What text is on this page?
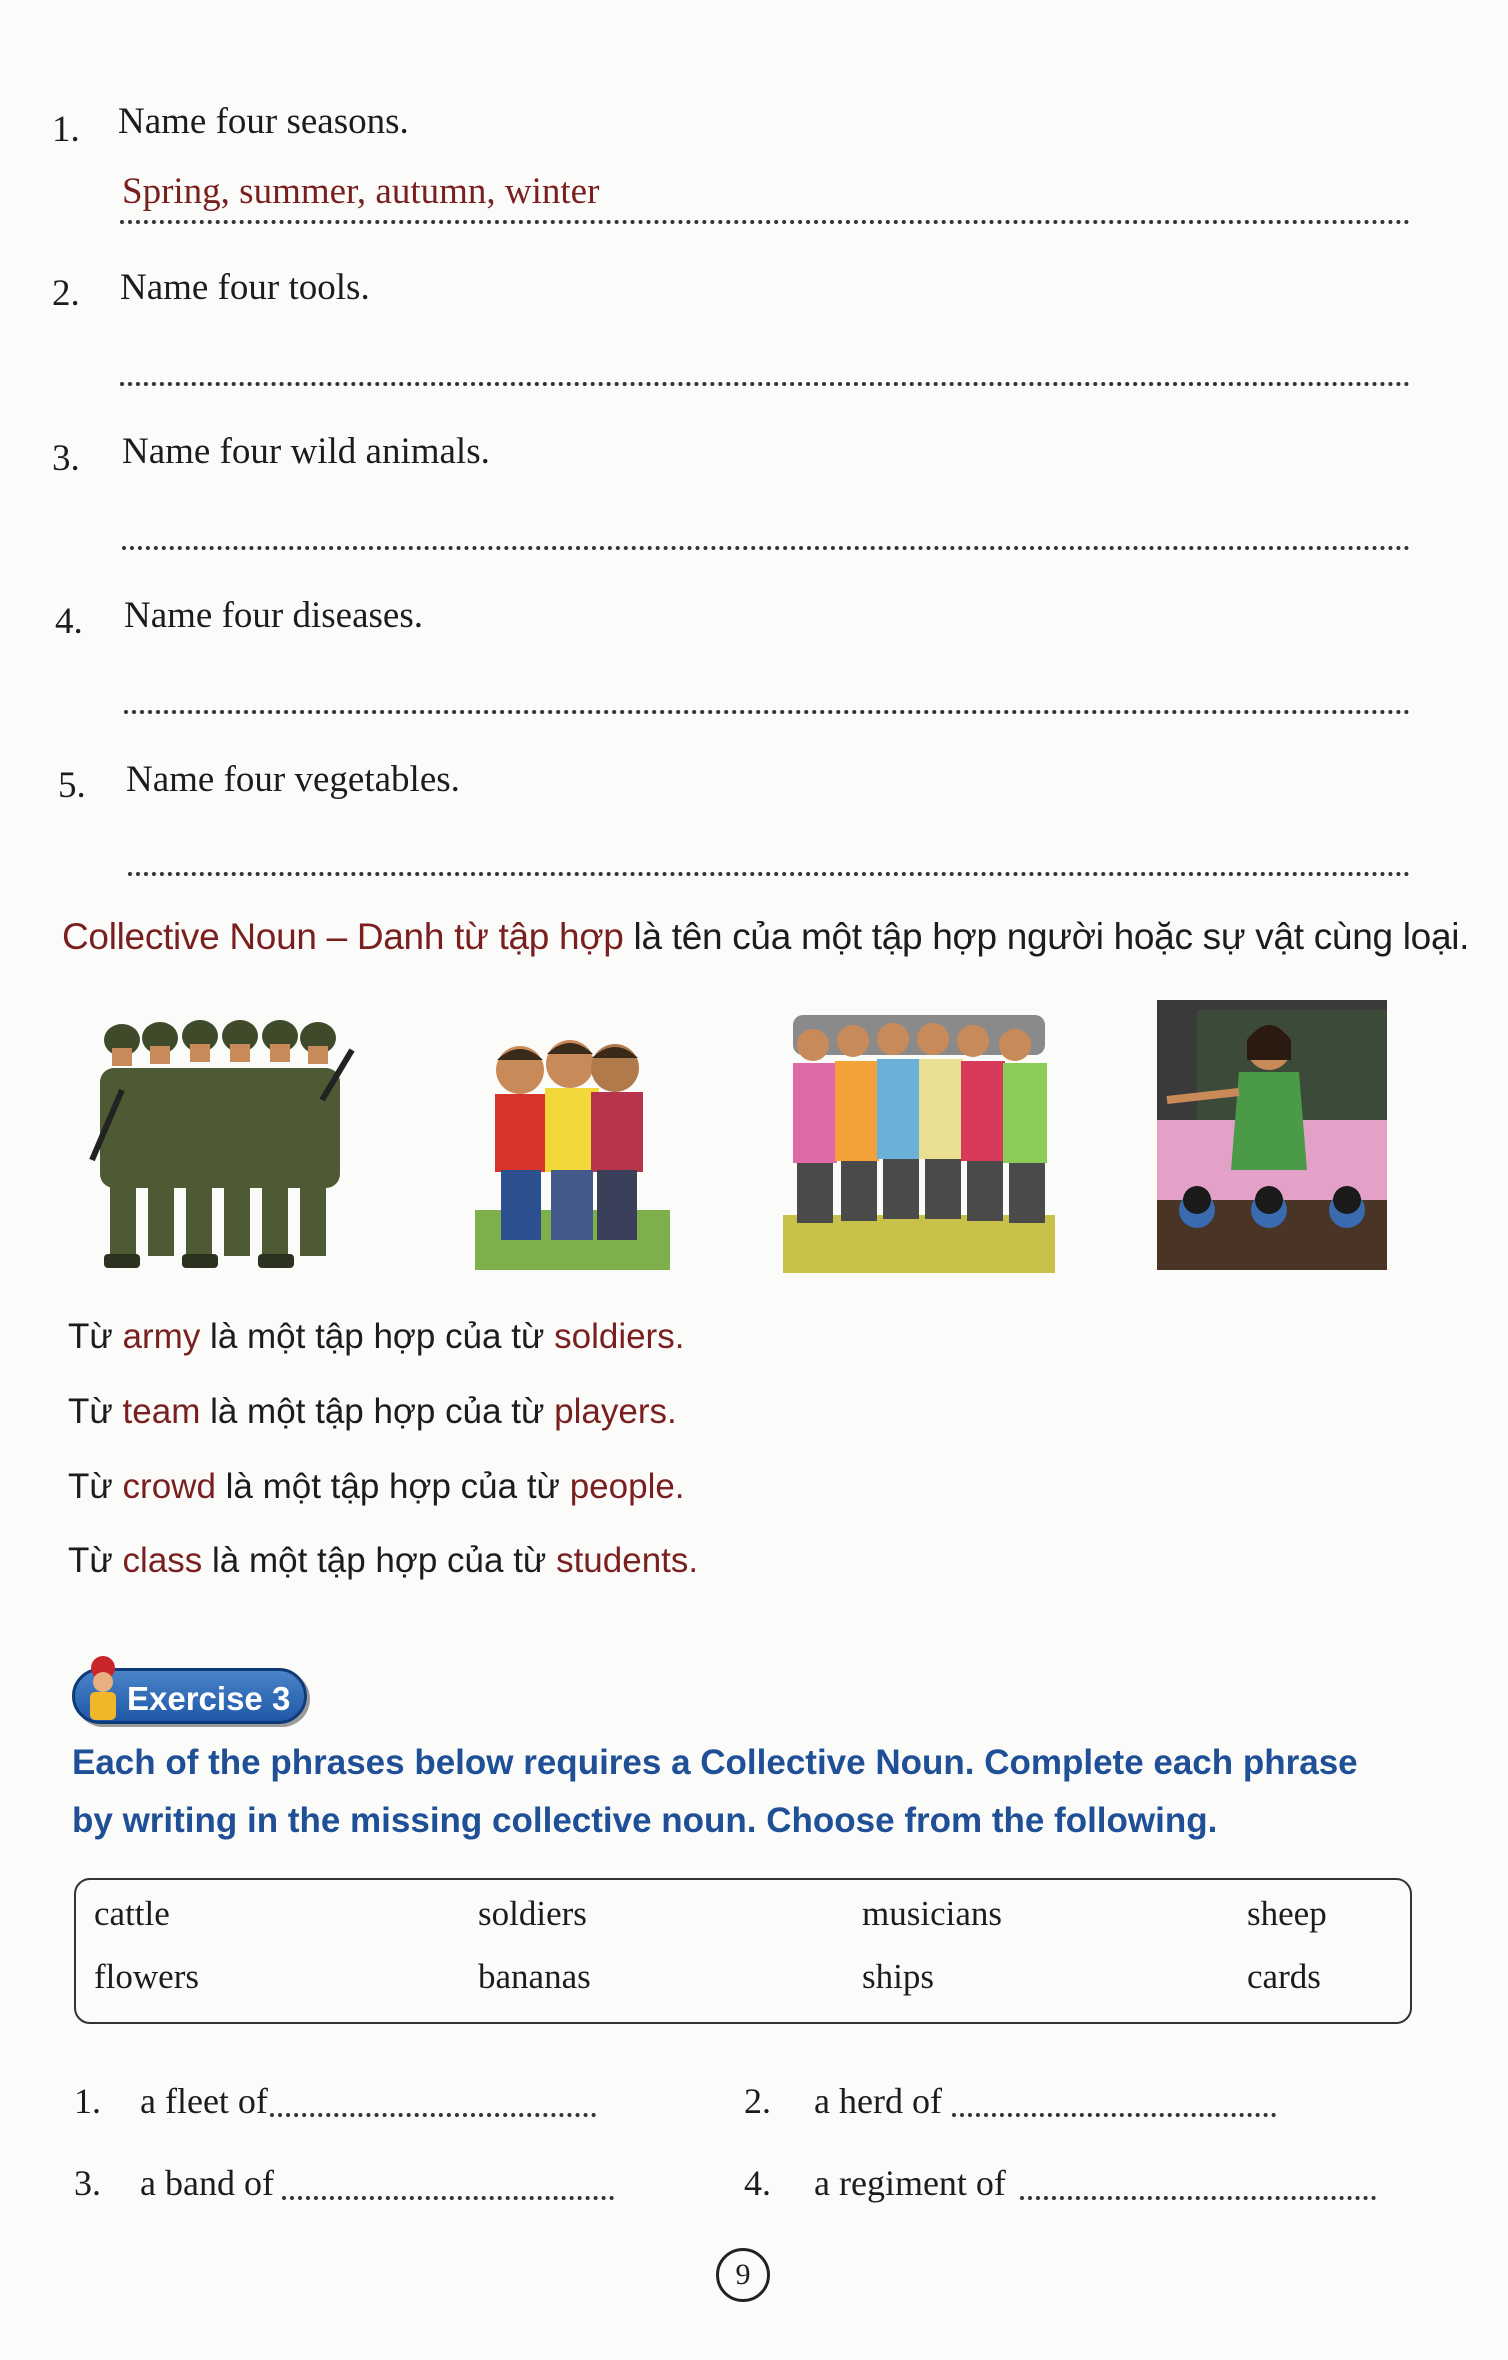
1. Name four seasons.
Spring, summer, autumn, winter
2. Name four tools.
3. Name four wild animals.
4. Name four diseases.
5. Name four vegetables.
Collective Noun – Danh từ tập hợp là tên của một tập hợp người hoặc sự vật cùng loại.
Từ army là một tập hợp của từ soldiers.
Từ team là một tập hợp của từ players.
Từ crowd là một tập hợp của từ people.
Từ class là một tập hợp của từ students.
Exercise 3
Each of the phrases below requires a Collective Noun. Complete each phrase
by writing in the missing collective noun. Choose from the following.
cattle	soldiers	musicians	sheep
flowers	bananas	ships	cards
1. a fleet of	2. a herd of
3. a band of	4. a regiment of
9
